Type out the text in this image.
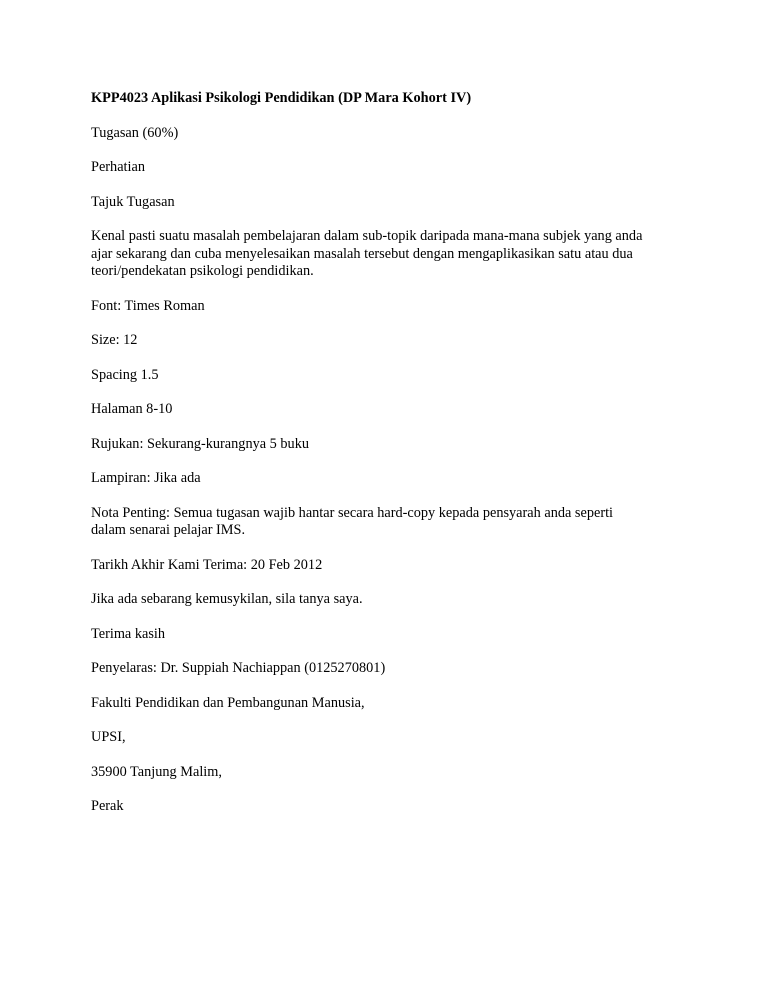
KPP4023 Aplikasi Psikologi Pendidikan (DP Mara Kohort IV)

Tugasan (60%)

Perhatian

Tajuk Tugasan

Kenal pasti suatu masalah pembelajaran dalam sub-topik daripada mana-mana subjek yang anda
ajar sekarang dan cuba menyelesaikan masalah tersebut dengan mengaplikasikan satu atau dua
teori/pendekatan psikologi pendidikan.

Font: Times Roman

Size: 12

Spacing 1.5

Halaman 8-10

Rujukan: Sekurang-kurangnya 5 buku

Lampiran: Jika ada

Nota Penting: Semua tugasan wajib hantar secara hard-copy kepada pensyarah anda seperti
dalam senarai pelajar IMS.

Tarikh Akhir Kami Terima: 20 Feb 2012

Jika ada sebarang kemusykilan, sila tanya saya.

Terima kasih

Penyelaras: Dr. Suppiah Nachiappan (0125270801)

Fakulti Pendidikan dan Pembangunan Manusia,

UPSI,

35900 Tanjung Malim,

Perak
